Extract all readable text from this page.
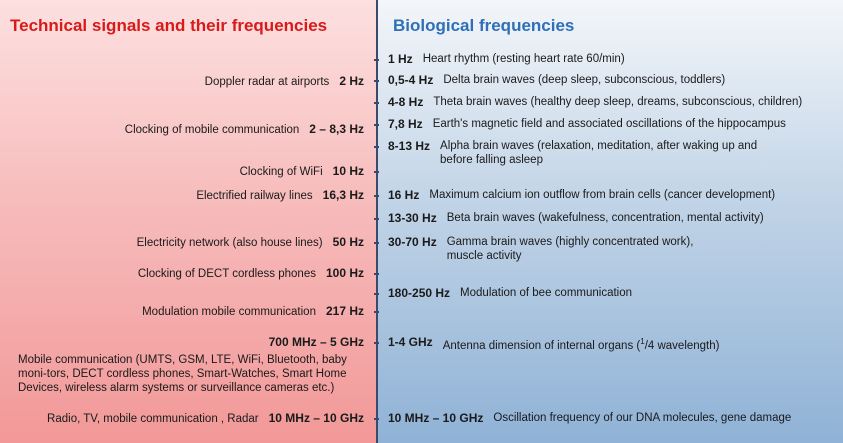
Technical signals and their frequencies	Biological frequencies
Doppler radar at airports 2 Hz
Clocking of mobile communication 2 – 8,3 Hz
Clocking of WiFi 10 Hz
Electrified railway lines 16,3 Hz
Electricity network (also house lines) 50 Hz
Clocking of DECT cordless phones 100 Hz
Modulation mobile communication 217 Hz
700 MHz – 5 GHz
Mobile communication (UMTS, GSM, LTE, WiFi, Bluetooth, baby moni-tors, DECT cordless phones, Smart-Watches, Smart Home Devices, wireless alarm systems or surveillance cameras etc.)
Radio, TV, mobile communication , Radar 10 MHz – 10 GHz
1 Hz Heart rhythm (resting heart rate 60/min)
0,5-4 Hz Delta brain waves (deep sleep, subconscious, toddlers)
4-8 Hz Theta brain waves (healthy deep sleep, dreams, subconscious, children)
7,8 Hz Earth's magnetic field and associated oscillations of the hippocampus
8-13 Hz Alpha brain waves (relaxation, meditation, after waking up and before falling asleep
16 Hz Maximum calcium ion outflow from brain cells (cancer development)
13-30 Hz Beta brain waves (wakefulness, concentration, mental activity)
30-70 Hz Gamma brain waves (highly concentrated work), muscle activity
180-250 Hz Modulation of bee communication
1-4 GHz Antenna dimension of internal organs ($^1$/4 wavelength)
10 MHz – 10 GHz Oscillation frequency of our DNA molecules, gene damage
